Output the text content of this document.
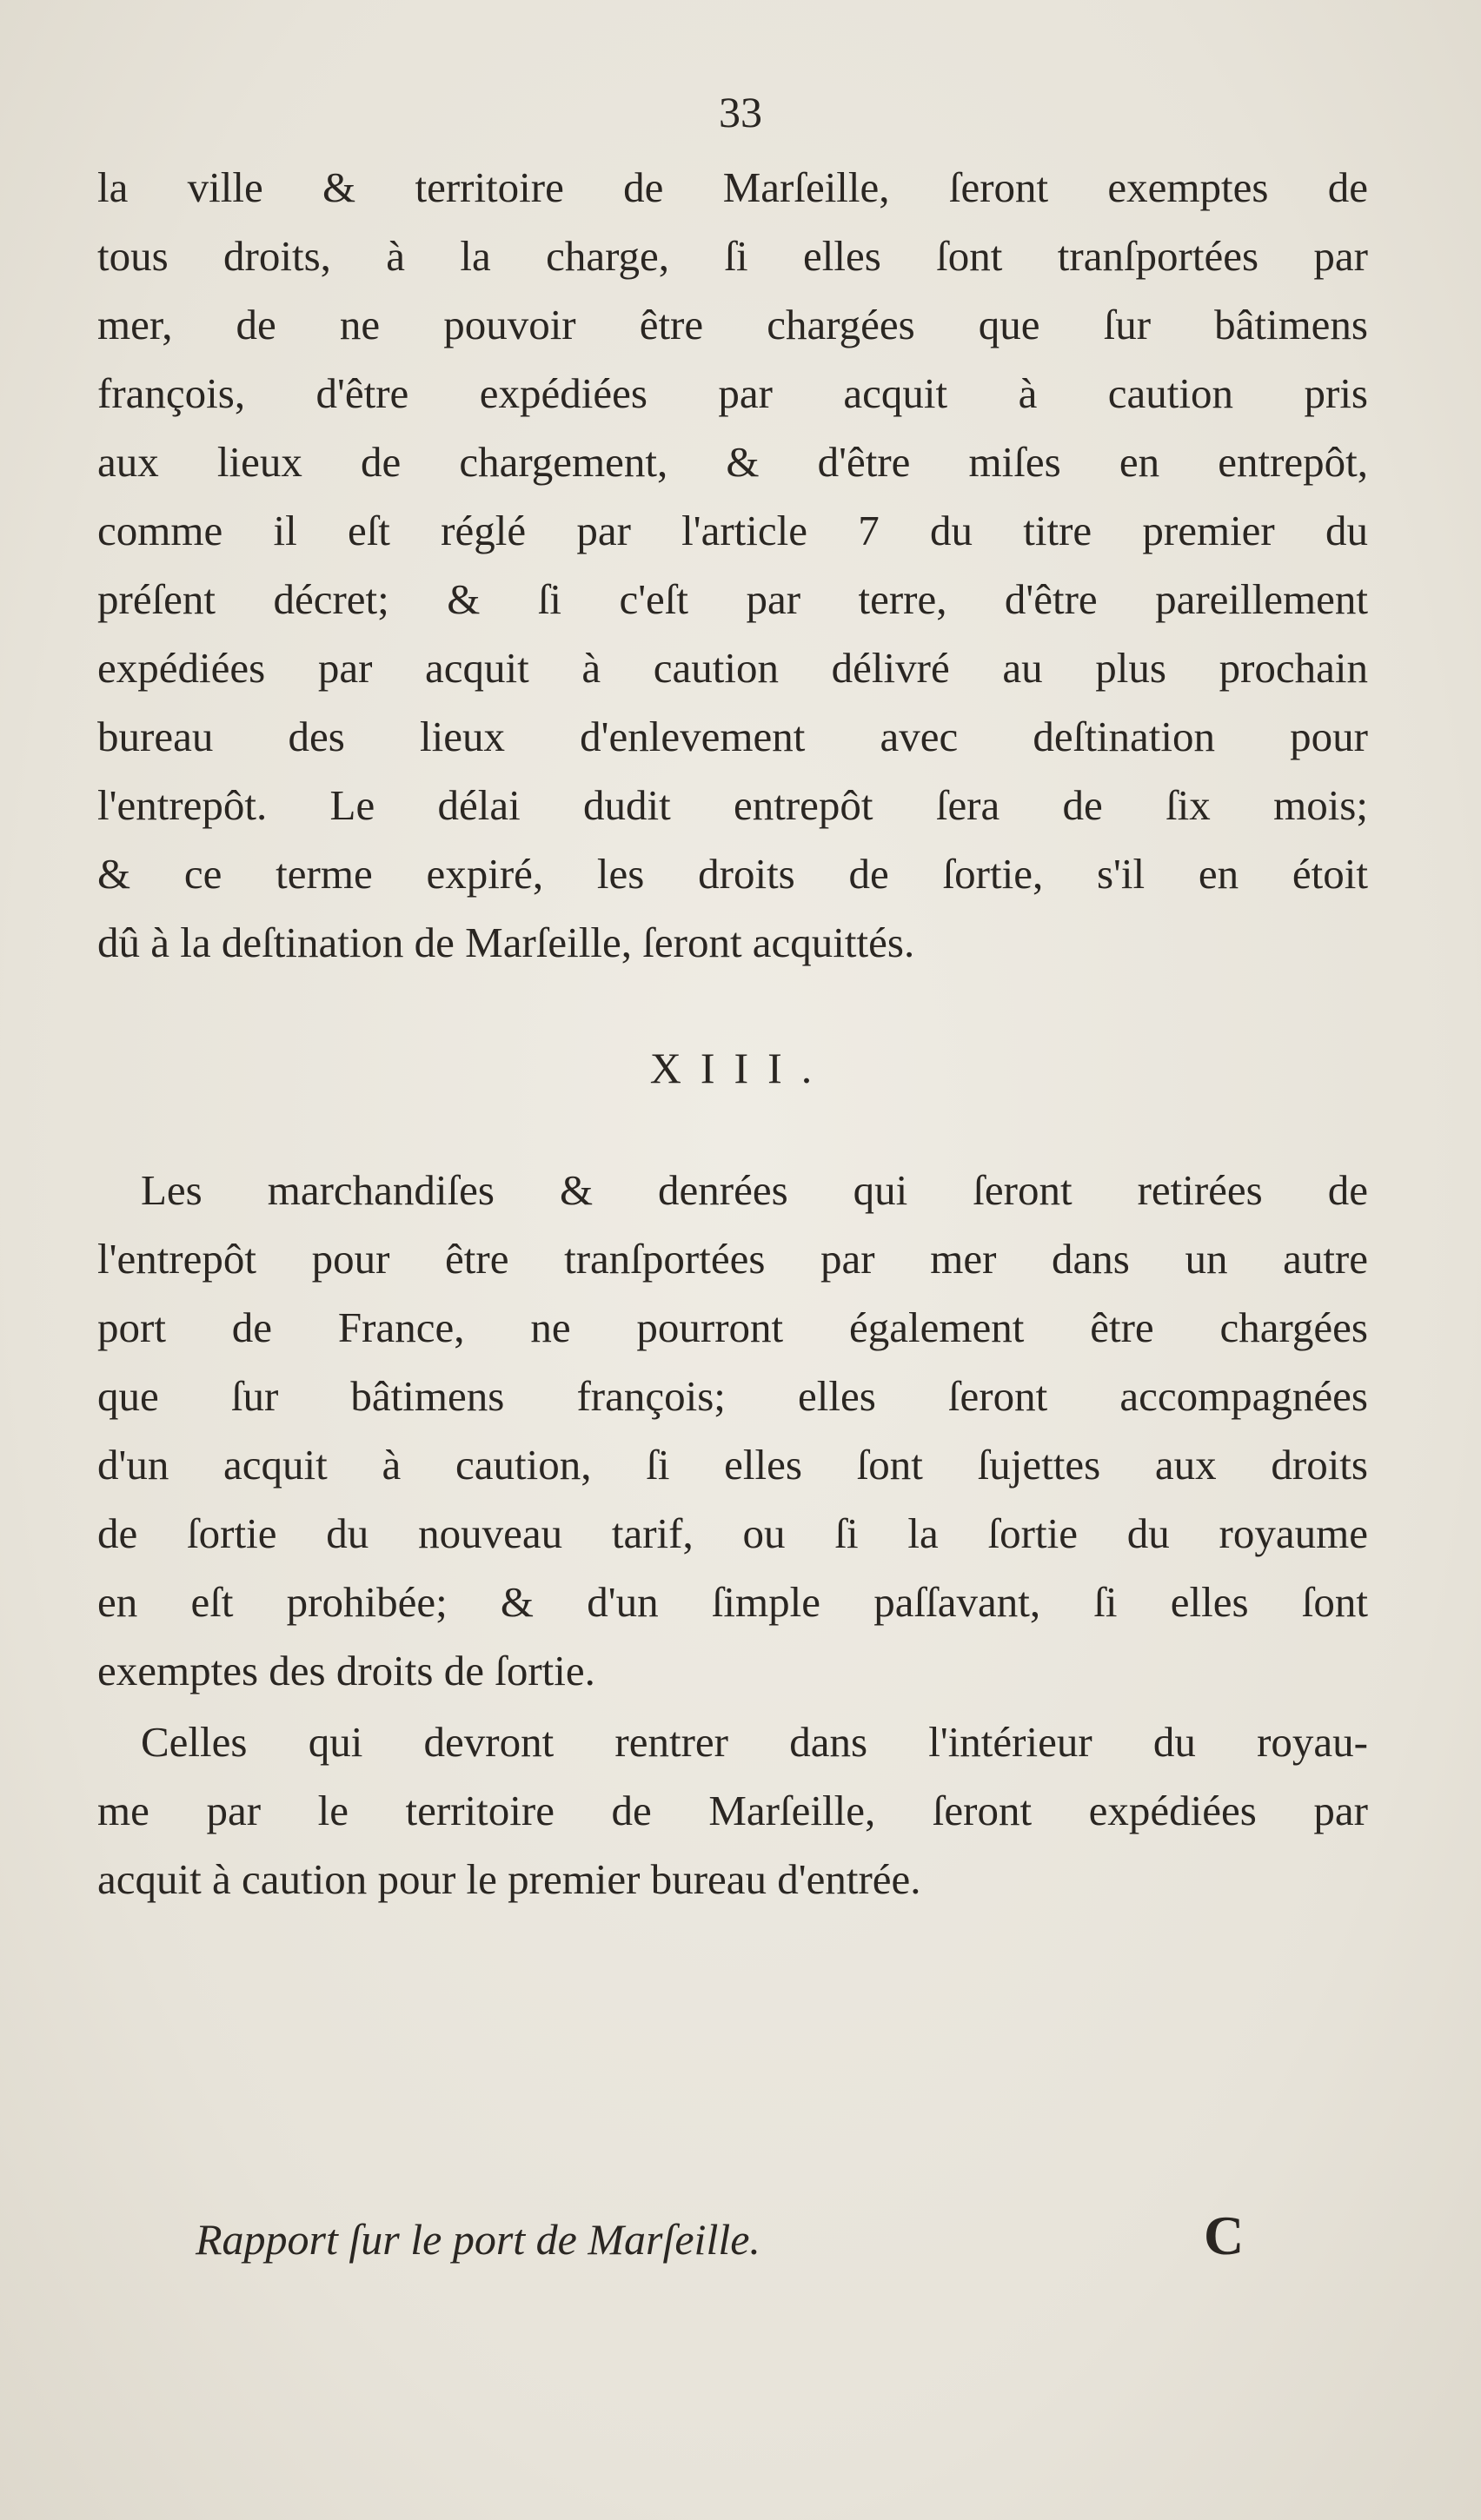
33
la ville & territoire de Marſeille, ſeront exemptes de
tous droits, à la charge, ſi elles ſont tranſportées par
mer, de ne pouvoir être chargées que ſur bâtimens
françois, d'être expédiées par acquit à caution pris
aux lieux de chargement, & d'être miſes en entrepôt,
comme il eſt réglé par l'article 7 du titre premier du
préſent décret; & ſi c'eſt par terre, d'être pareillement
expédiées par acquit à caution délivré au plus prochain
bureau des lieux d'enlevement avec deſtination pour
l'entrepôt. Le délai dudit entrepôt ſera de ſix mois;
& ce terme expiré, les droits de ſortie, s'il en étoit
dû à la deſtination de Marſeille, ſeront acquittés.
XIII.
Les marchandiſes & denrées qui ſeront retirées de
l'entrepôt pour être tranſportées par mer dans un autre
port de France, ne pourront également être chargées
que ſur bâtimens françois; elles ſeront accompagnées
d'un acquit à caution, ſi elles ſont ſujettes aux droits
de ſortie du nouveau tarif, ou ſi la ſortie du royaume
en eſt prohibée; & d'un ſimple paſſavant, ſi elles ſont
exemptes des droits de ſortie.
Celles qui devront rentrer dans l'intérieur du royau-
me par le territoire de Marſeille, ſeront expédiées par
acquit à caution pour le premier bureau d'entrée.
Rapport ſur le port de Marſeille.	C
